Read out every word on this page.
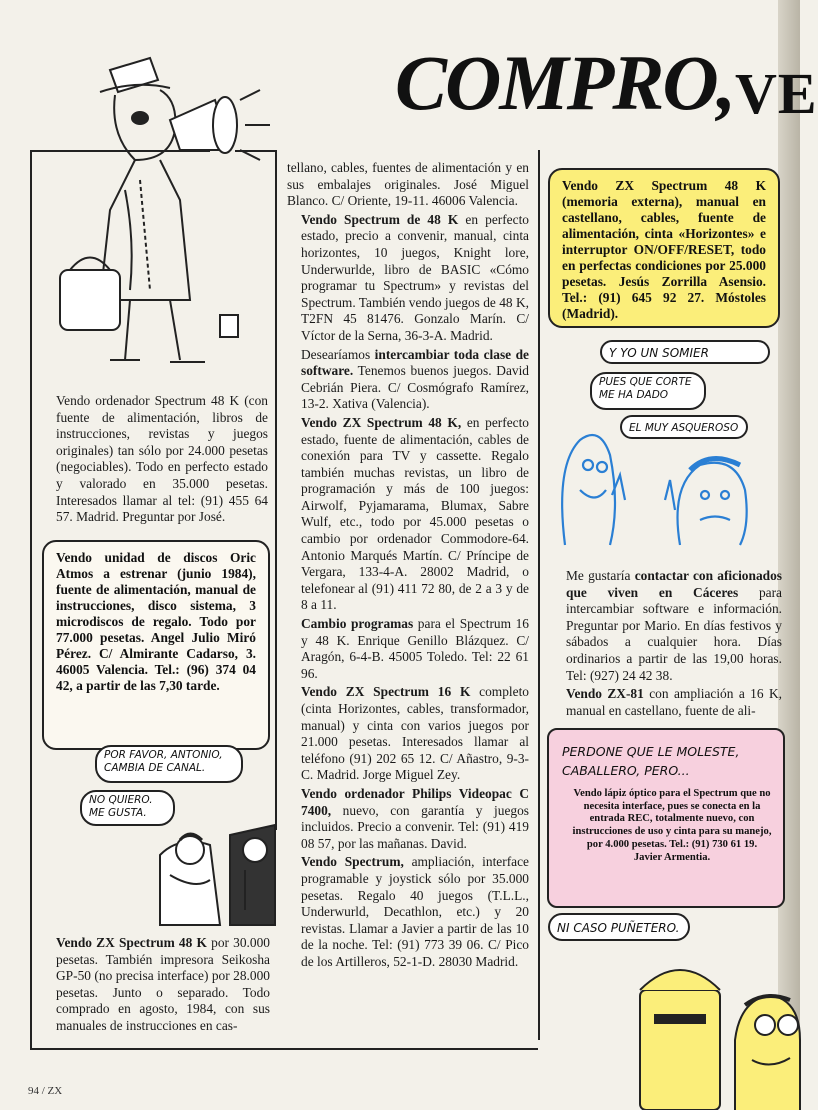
COMPRO, VE

Vendo ordenador Spectrum 48 K (con fuente de alimentación, libros de instrucciones, revistas y juegos originales) tan sólo por 24.000 pesetas (negociables). Todo en perfecto estado y valorado en 35.000 pesetas. Interesados llamar al tel: (91) 455 64 57. Madrid. Preguntar por José.

Vendo unidad de discos Oric Atmos a estrenar (junio 1984), fuente de alimentación, manual de instrucciones, disco sistema, 3 microdiscos de regalo. Todo por 77.000 pesetas. Angel Julio Miró Pérez. C/ Almirante Cadarso, 3. 46005 Valencia. Tel.: (96) 374 04 42, a partir de las 7,30 tarde.
POR FAVOR, ANTONIO, CAMBIA DE CANAL.
NO QUIERO. ME GUSTA.

Vendo ZX Spectrum 48 K por 30.000 pesetas. También impresora Seikosha GP-50 (no precisa interface) por 28.000 pesetas. Junto o separado. Todo comprado en agosto, 1984, con sus manuales de instrucciones en cas-

tellano, cables, fuentes de alimentación y en sus embalajes originales. José Miguel Blanco. C/ Oriente, 19-11. 46006 Valencia.

Vendo Spectrum de 48 K en perfecto estado, precio a convenir, manual, cinta horizontes, 10 juegos, Knight lore, Underwurlde, libro de BASIC «Cómo programar tu Spectrum» y revistas del Spectrum. También vendo juegos de 48 K, T2FN 45 81476. Gonzalo Marín. C/ Víctor de la Serna, 36-3-A. Madrid.

Desearíamos intercambiar toda clase de software. Tenemos buenos juegos. David Cebrián Piera. C/ Cosmógrafo Ramírez, 13-2. Xativa (Valencia).

Vendo ZX Spectrum 48 K, en perfecto estado, fuente de alimentación, cables de conexión para TV y cassette. Regalo también muchas revistas, un libro de programación y más de 100 juegos: Airwolf, Pyjamarama, Blumax, Sabre Wulf, etc., todo por 45.000 pesetas o cambio por ordenador Commodore-64. Antonio Marqués Martín. C/ Príncipe de Vergara, 133-4-A. 28002 Madrid, o telefonear al (91) 411 72 80, de 2 a 3 y de 8 a 11.

Cambio programas para el Spectrum 16 y 48 K. Enrique Genillo Blázquez. C/ Aragón, 6-4-B. 45005 Toledo. Tel: 22 61 96.

Vendo ZX Spectrum 16 K completo (cinta Horizontes, cables, transformador, manual) y cinta con varios juegos por 21.000 pesetas. Interesados llamar al teléfono (91) 202 65 12. C/ Añastro, 9-3-C. Madrid. Jorge Miguel Zey.

Vendo ordenador Philips Videopac C 7400, nuevo, con garantía y juegos incluidos. Precio a convenir. Tel: (91) 419 08 57, por las mañanas. David.

Vendo Spectrum, ampliación, interface programable y joystick sólo por 35.000 pesetas. Regalo 40 juegos (T.L.L., Underwurld, Decathlon, etc.) y 20 revistas. Llamar a Javier a partir de las 10 de la noche. Tel: (91) 773 39 06. C/ Pico de los Artilleros, 52-1-D. 28030 Madrid.

Vendo ZX Spectrum 48 K (memoria externa), manual en castellano, cables, fuente de alimentación, cinta «Horizontes» e interruptor ON/OFF/RESET, todo en perfectas condiciones por 25.000 pesetas. Jesús Zorrilla Asensio. Tel.: (91) 645 92 27. Móstoles (Madrid).
Y YO UN SOMIER
PUES QUE CORTE ME HA DADO
EL MUY ASQUEROSO

Me gustaría contactar con aficionados que viven en Cáceres para intercambiar software e información. Preguntar por Mario. En días festivos y sábados a cualquier hora. Días ordinarios a partir de las 19,00 horas. Tel: (927) 24 42 38.

Vendo ZX-81 con ampliación a 16 K, manual en castellano, fuente de ali-

PERDONE QUE LE MOLESTE, CABALLERO, PERO...
Vendo lápiz óptico para el Spectrum que no necesita interface, pues se conecta en la entrada REC, totalmente nuevo, con instrucciones de uso y cinta para su manejo, por 4.000 pesetas. Tel.: (91) 730 61 19. Javier Armentia.
NI CASO PUÑETERO.
94 / ZX
